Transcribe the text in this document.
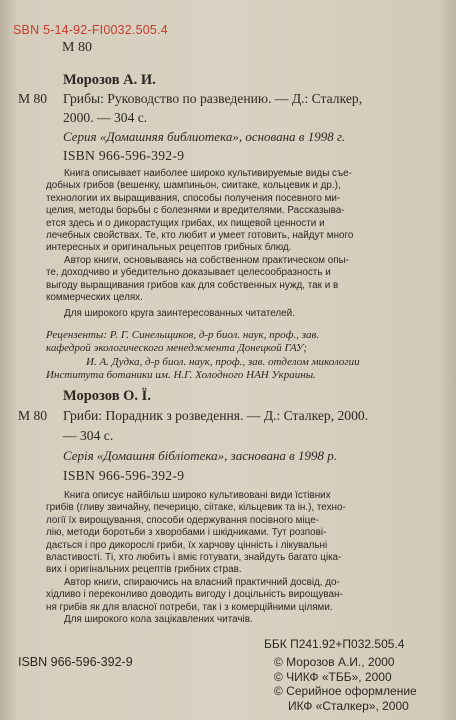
SBN 5-14-92-FI0032.505.4
М 80
Морозов А. И.
М 80 Грибы: Руководство по разведению. — Д.: Сталкер,
2000. — 304 с.
Серия «Домашняя библиотека», основана в 1998 г.
ISBN 966-596-392-9
Книга описывает наиболее широко культивируемые виды съе-
добных грибов (вешенку, шампиньон, сиитаке, кольцевик и др.),
технологии их выращивания, способы получения посевного ми-
целия, методы борьбы с болезнями и вредителями. Рассказыва-
ется здесь и о дикорастущих грибах, их пищевой ценности и
лечебных свойствах. Те, кто любит и умеет готовить, найдут много
интересных и оригинальных рецептов грибных блюд.
Автор книги, основываясь на собственном практическом опы-
те, доходчиво и убедительно доказывает целесообразность и
выгоду выращивания грибов как для собственных нужд, так и в
коммерческих целях.
Для широкого круга заинтересованных читателей.
Рецензенты: Р. Г. Синельщиков, д-р биол. наук, проф., зав.
кафедрой экологического менеджмента Донецкой ГАУ;
И. А. Дудка, д-р биол. наук, проф., зав. отделом микологии
Института ботаники им. Н.Г. Холодного НАН Украины.
Морозов О. Ї.
М 80 Гриби: Порадник з розведення. — Д.: Сталкер, 2000.
— 304 с.
Серія «Домашня бібліотека», заснована в 1998 р.
ISBN 966-596-392-9
Книга описує найбільш широко культивовані види їстівних
грибів (гливу звичайну, печерицю, сіітаке, кільцевик та ін.), техно-
логії їх вирощування, способи одержування посівного міце-
лію, методи боротьби з хворобами і шкідниками. Тут розпові-
дається і про дикорослі гриби, їх харчову цінність і лікувальні
властивості. Ті, хто любить і вміє готувати, знайдуть багато цікa-
вих і оригінальних рецептів грибних страв.
Автор книги, спираючись на власний практичний досвід, до-
хідливо і переконливо доводить вигоду і доцільність вирощуван-
ня грибів як для власної потреби, так і з комерційними цілями.
Для широкого кола зацікавлених читачів.
ISBN 966-596-392-9
ББК П241.92+П032.505.4
© Морозов А.И., 2000
© ЧИКФ «ТББ», 2000
© Серийное оформление
ИКФ «Сталкер», 2000
